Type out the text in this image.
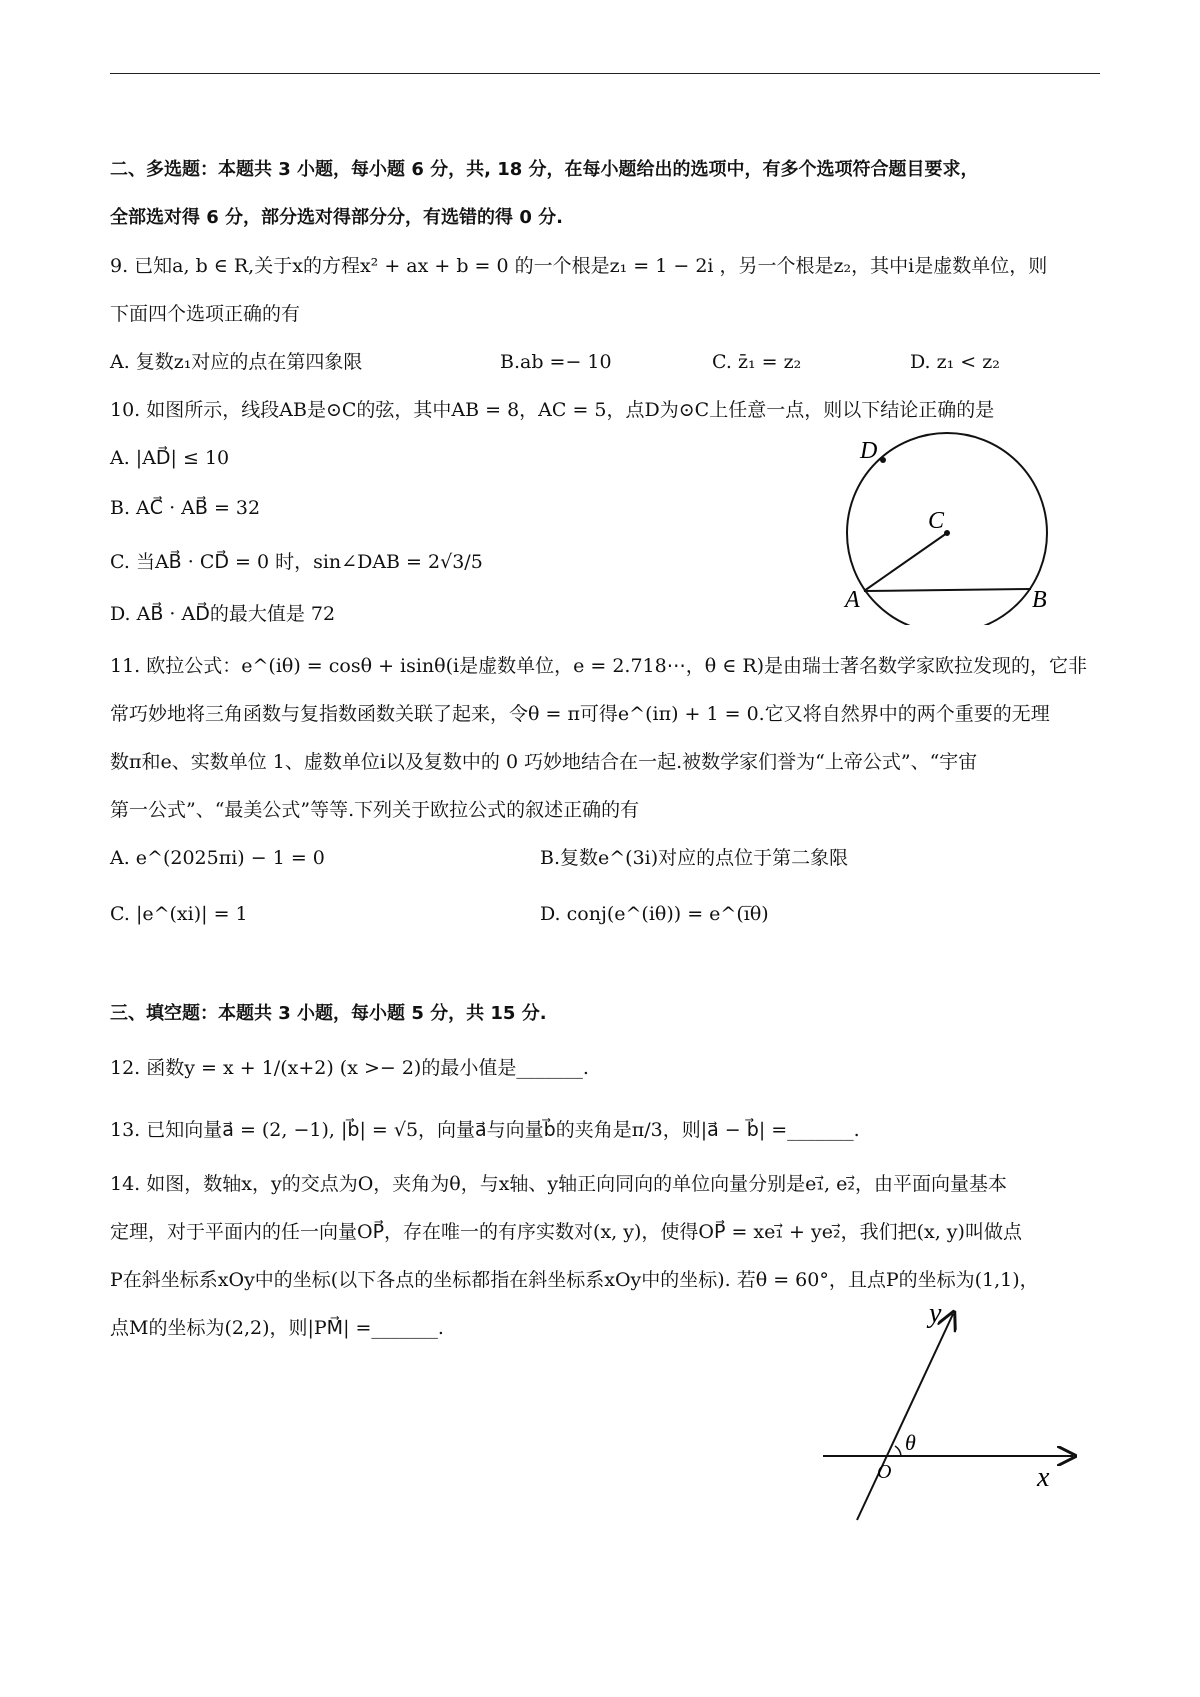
二、多选题：本题共 3 小题，每小题 6 分，共, 18 分，在每小题给出的选项中，有多个选项符合题目要求，
全部选对得 6 分，部分选对得部分分，有选错的得 0 分.
9. 已知a, b ∈ R,关于x的方程x² + ax + b = 0 的一个根是z₁ = 1 − 2i ，另一个根是z₂，其中i是虚数单位，则
下面四个选项正确的有
A. 复数z₁对应的点在第四象限	B.ab =− 10	C. z̄₁ = z₂	D. z₁ < z₂
10. 如图所示，线段AB是⊙C的弦，其中AB = 8，AC = 5，点D为⊙C上任意一点，则以下结论正确的是
A. |AD⃗| ≤ 10
B. AC⃗ · AB⃗ = 32
C. 当AB⃗ · CD⃗ = 0 时，sin∠DAB = 2√3/5
D. AB⃗ · AD⃗的最大值是 72
D
C
A	B
11. 欧拉公式：e^(iθ) = cosθ + isinθ(i是虚数单位，e = 2.718⋯，θ ∈ R)是由瑞士著名数学家欧拉发现的，它非
常巧妙地将三角函数与复指数函数关联了起来，令θ = π可得e^(iπ) + 1 = 0.它又将自然界中的两个重要的无理
数π和e、实数单位 1、虚数单位i以及复数中的 0 巧妙地结合在一起.被数学家们誉为“上帝公式”、“宇宙
第一公式”、“最美公式”等等.下列关于欧拉公式的叙述正确的有
A. e^(2025πi) − 1 = 0	B.复数e^(3i)对应的点位于第二象限
C. |e^(xi)| = 1	D. conj(e^(iθ)) = e^(i̅θ)
三、填空题：本题共 3 小题，每小题 5 分，共 15 分.
12. 函数y = x + 1/(x+2) (x >− 2)的最小值是_______.
13. 已知向量a⃗ = (2, −1), |b⃗| = √5，向量a⃗与向量b⃗的夹角是π/3，则|a⃗ − b⃗| =_______.
14. 如图，数轴x，y的交点为O，夹角为θ，与x轴、y轴正向同向的单位向量分别是e₁⃗, e₂⃗，由平面向量基本
定理，对于平面内的任一向量OP⃗，存在唯一的有序实数对(x, y)，使得OP⃗ = xe₁⃗ + ye₂⃗，我们把(x, y)叫做点
P在斜坐标系xOy中的坐标(以下各点的坐标都指在斜坐标系xOy中的坐标). 若θ = 60°，且点P的坐标为(1,1)，
点M的坐标为(2,2)，则|PM⃗| =_______.	y
x
O
θ
